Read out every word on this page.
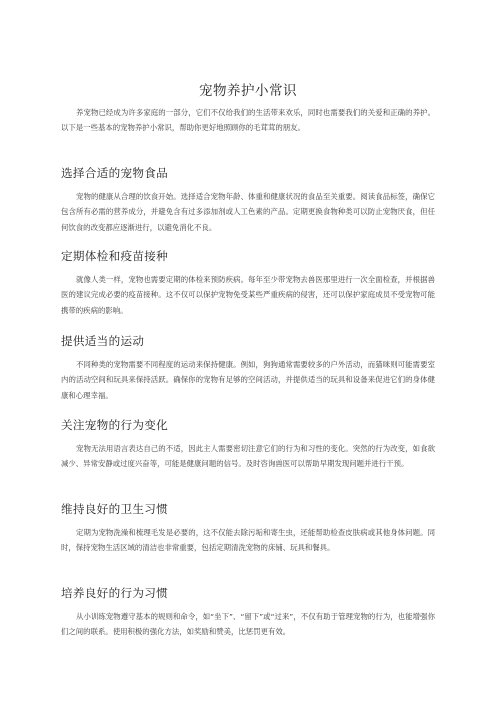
宠物养护小常识

养宠物已经成为许多家庭的一部分，它们不仅给我们的生活带来欢乐，同时也需要我们的关爱和正确的养护。以下是一些基本的宠物养护小常识，帮助你更好地照顾你的毛茸茸的朋友。

选择合适的宠物食品

宠物的健康从合理的饮食开始。选择适合宠物年龄、体重和健康状况的食品至关重要。阅读食品标签，确保它包含所有必需的营养成分，并避免含有过多添加剂或人工色素的产品。定期更换食物种类可以防止宠物厌食，但任何饮食的改变都应逐渐进行，以避免消化不良。

定期体检和疫苗接种

就像人类一样，宠物也需要定期的体检来预防疾病。每年至少带宠物去兽医那里进行一次全面检查，并根据兽医的建议完成必要的疫苗接种。这不仅可以保护宠物免受某些严重疾病的侵害，还可以保护家庭成员不受宠物可能携带的疾病的影响。

提供适当的运动

不同种类的宠物需要不同程度的运动来保持健康。例如，狗狗通常需要较多的户外活动，而猫咪则可能需要室内的活动空间和玩具来保持活跃。确保你的宠物有足够的空间活动，并提供适当的玩具和设备来促进它们的身体健康和心理幸福。

关注宠物的行为变化

宠物无法用语言表达自己的不适，因此主人需要密切注意它们的行为和习性的变化。突然的行为改变，如食欲减少、异常安静或过度兴奋等，可能是健康问题的信号。及时咨询兽医可以帮助早期发现问题并进行干预。

维持良好的卫生习惯

定期为宠物洗澡和梳理毛发是必要的，这不仅能去除污垢和寄生虫，还能帮助检查皮肤病或其他身体问题。同时，保持宠物生活区域的清洁也非常重要，包括定期清洗宠物的床铺、玩具和餐具。

培养良好的行为习惯

从小训练宠物遵守基本的规则和命令，如“坐下”、“留下”或“过来”，不仅有助于管理宠物的行为，也能增强你们之间的联系。使用积极的强化方法，如奖励和赞美，比惩罚更有效。
